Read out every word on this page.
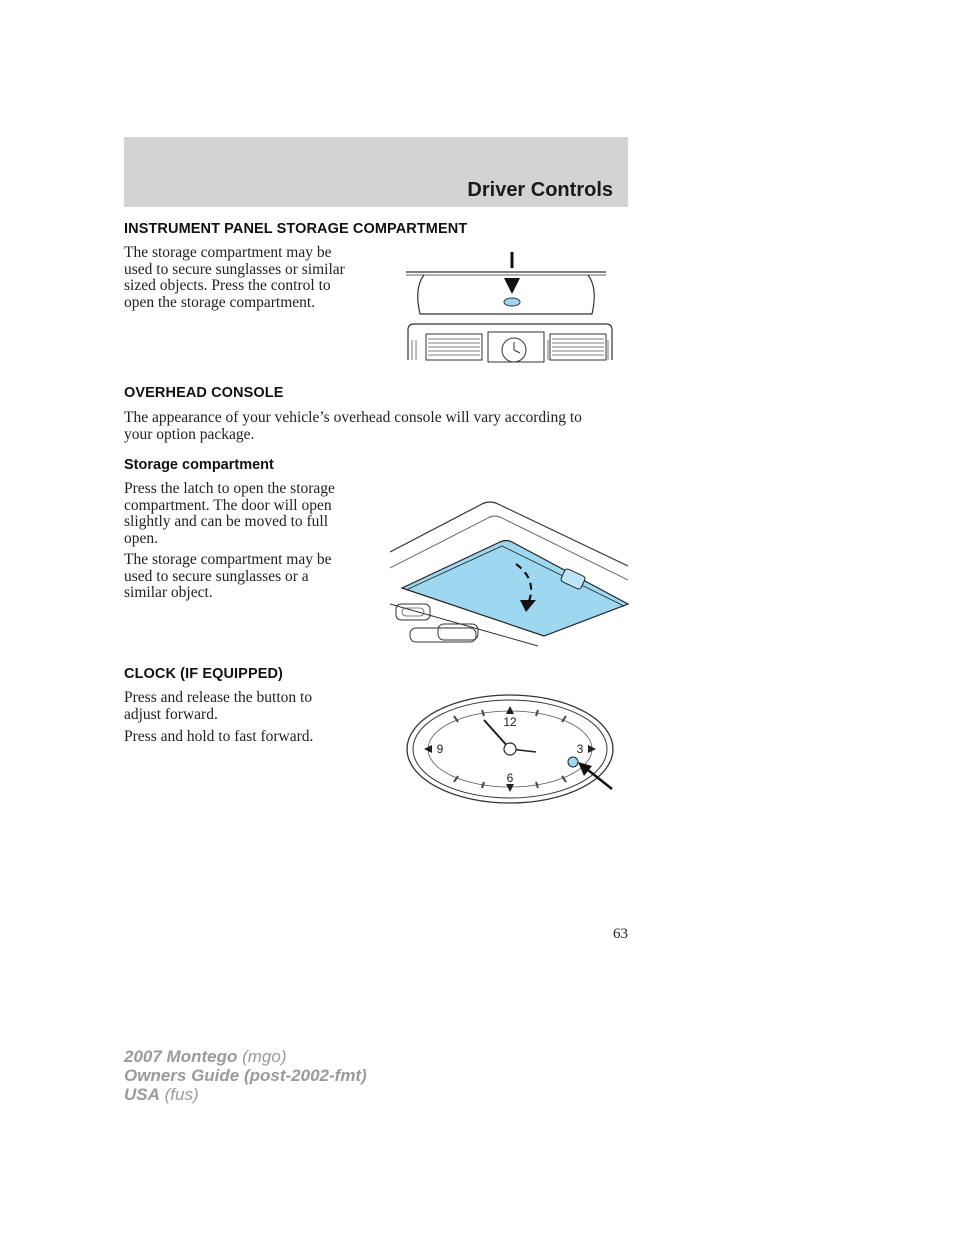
Driver Controls
INSTRUMENT PANEL STORAGE COMPARTMENT

The storage compartment may be
used to secure sunglasses or similar
sized objects. Press the control to
open the storage compartment.

OVERHEAD CONSOLE

The appearance of your vehicle’s overhead console will vary according to
your option package.

Storage compartment

Press the latch to open the storage
compartment. The door will open
slightly and can be moved to full
open.

The storage compartment may be
used to secure sunglasses or a
similar object.

CLOCK (IF EQUIPPED)

Press and release the button to
adjust forward.

Press and hold to fast forward.

12
6
9	3
63
2007 Montego (mgo)
Owners Guide (post-2002-fmt)
USA (fus)
